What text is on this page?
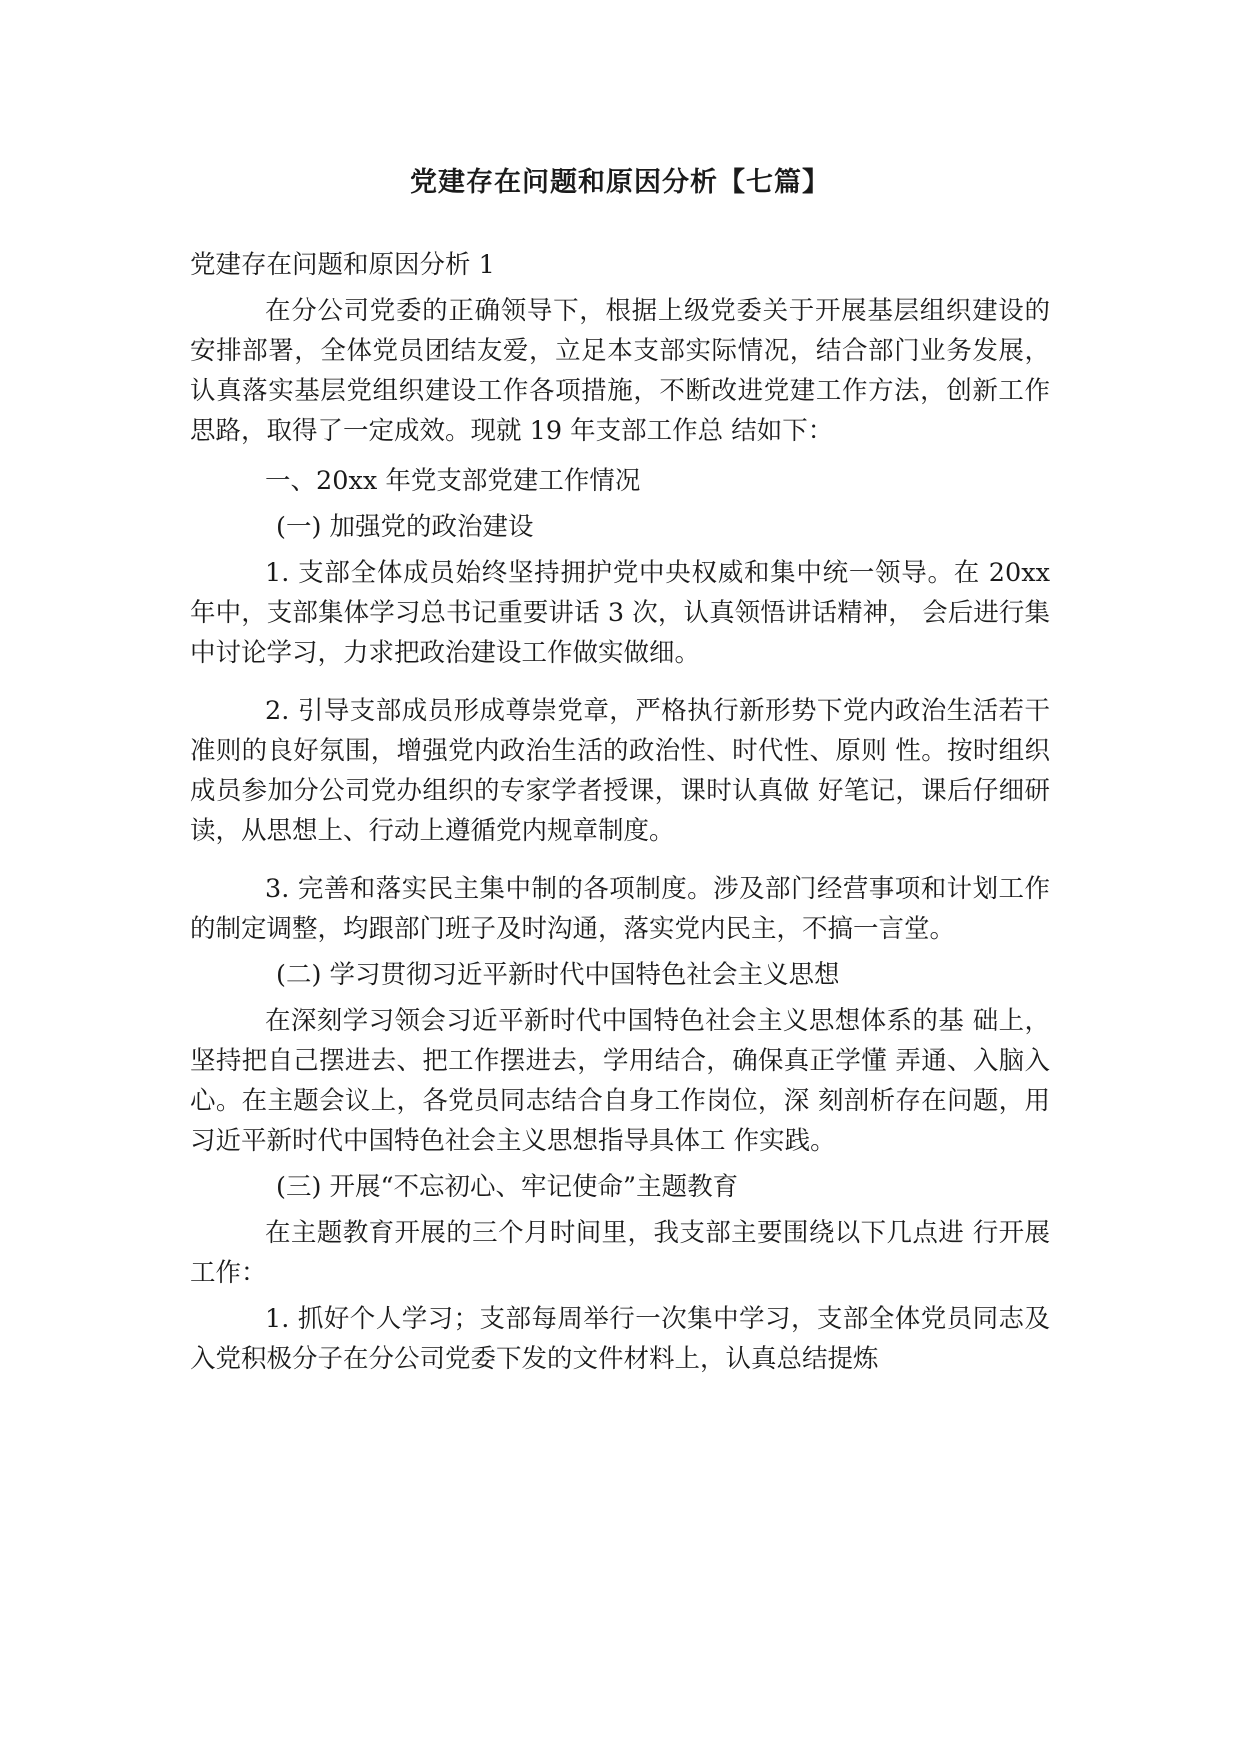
党建存在问题和原因分析【七篇】

党建存在问题和原因分析 1

在分公司党委的正确领导下，根据上级党委关于开展基层组织建设的安排部署，全体党员团结友爱，立足本支部实际情况，结合部门业务发展，认真落实基层党组织建设工作各项措施，不断改进党建工作方法，创新工作思路，取得了一定成效。现就 19 年支部工作总 结如下：

一、20xx 年党支部党建工作情况

(一) 加强党的政治建设

1. 支部全体成员始终坚持拥护党中央权威和集中统一领导。在 20xx 年中，支部集体学习总书记重要讲话 3 次，认真领悟讲话精神， 会后进行集中讨论学习，力求把政治建设工作做实做细。

2. 引导支部成员形成尊崇党章，严格执行新形势下党内政治生活若干准则的良好氛围，增强党内政治生活的政治性、时代性、原则 性。按时组织成员参加分公司党办组织的专家学者授课，课时认真做 好笔记，课后仔细研读，从思想上、行动上遵循党内规章制度。

3. 完善和落实民主集中制的各项制度。涉及部门经营事项和计划工作的制定调整，均跟部门班子及时沟通，落实党内民主，不搞一言堂。

(二) 学习贯彻习近平新时代中国特色社会主义思想

在深刻学习领会习近平新时代中国特色社会主义思想体系的基 础上，坚持把自己摆进去、把工作摆进去，学用结合，确保真正学懂 弄通、入脑入心。在主题会议上，各党员同志结合自身工作岗位，深 刻剖析存在问题，用习近平新时代中国特色社会主义思想指导具体工 作实践。

(三) 开展“不忘初心、牢记使命”主题教育

在主题教育开展的三个月时间里，我支部主要围绕以下几点进 行开展工作：

1. 抓好个人学习；支部每周举行一次集中学习，支部全体党员同志及入党积极分子在分公司党委下发的文件材料上，认真总结提炼
